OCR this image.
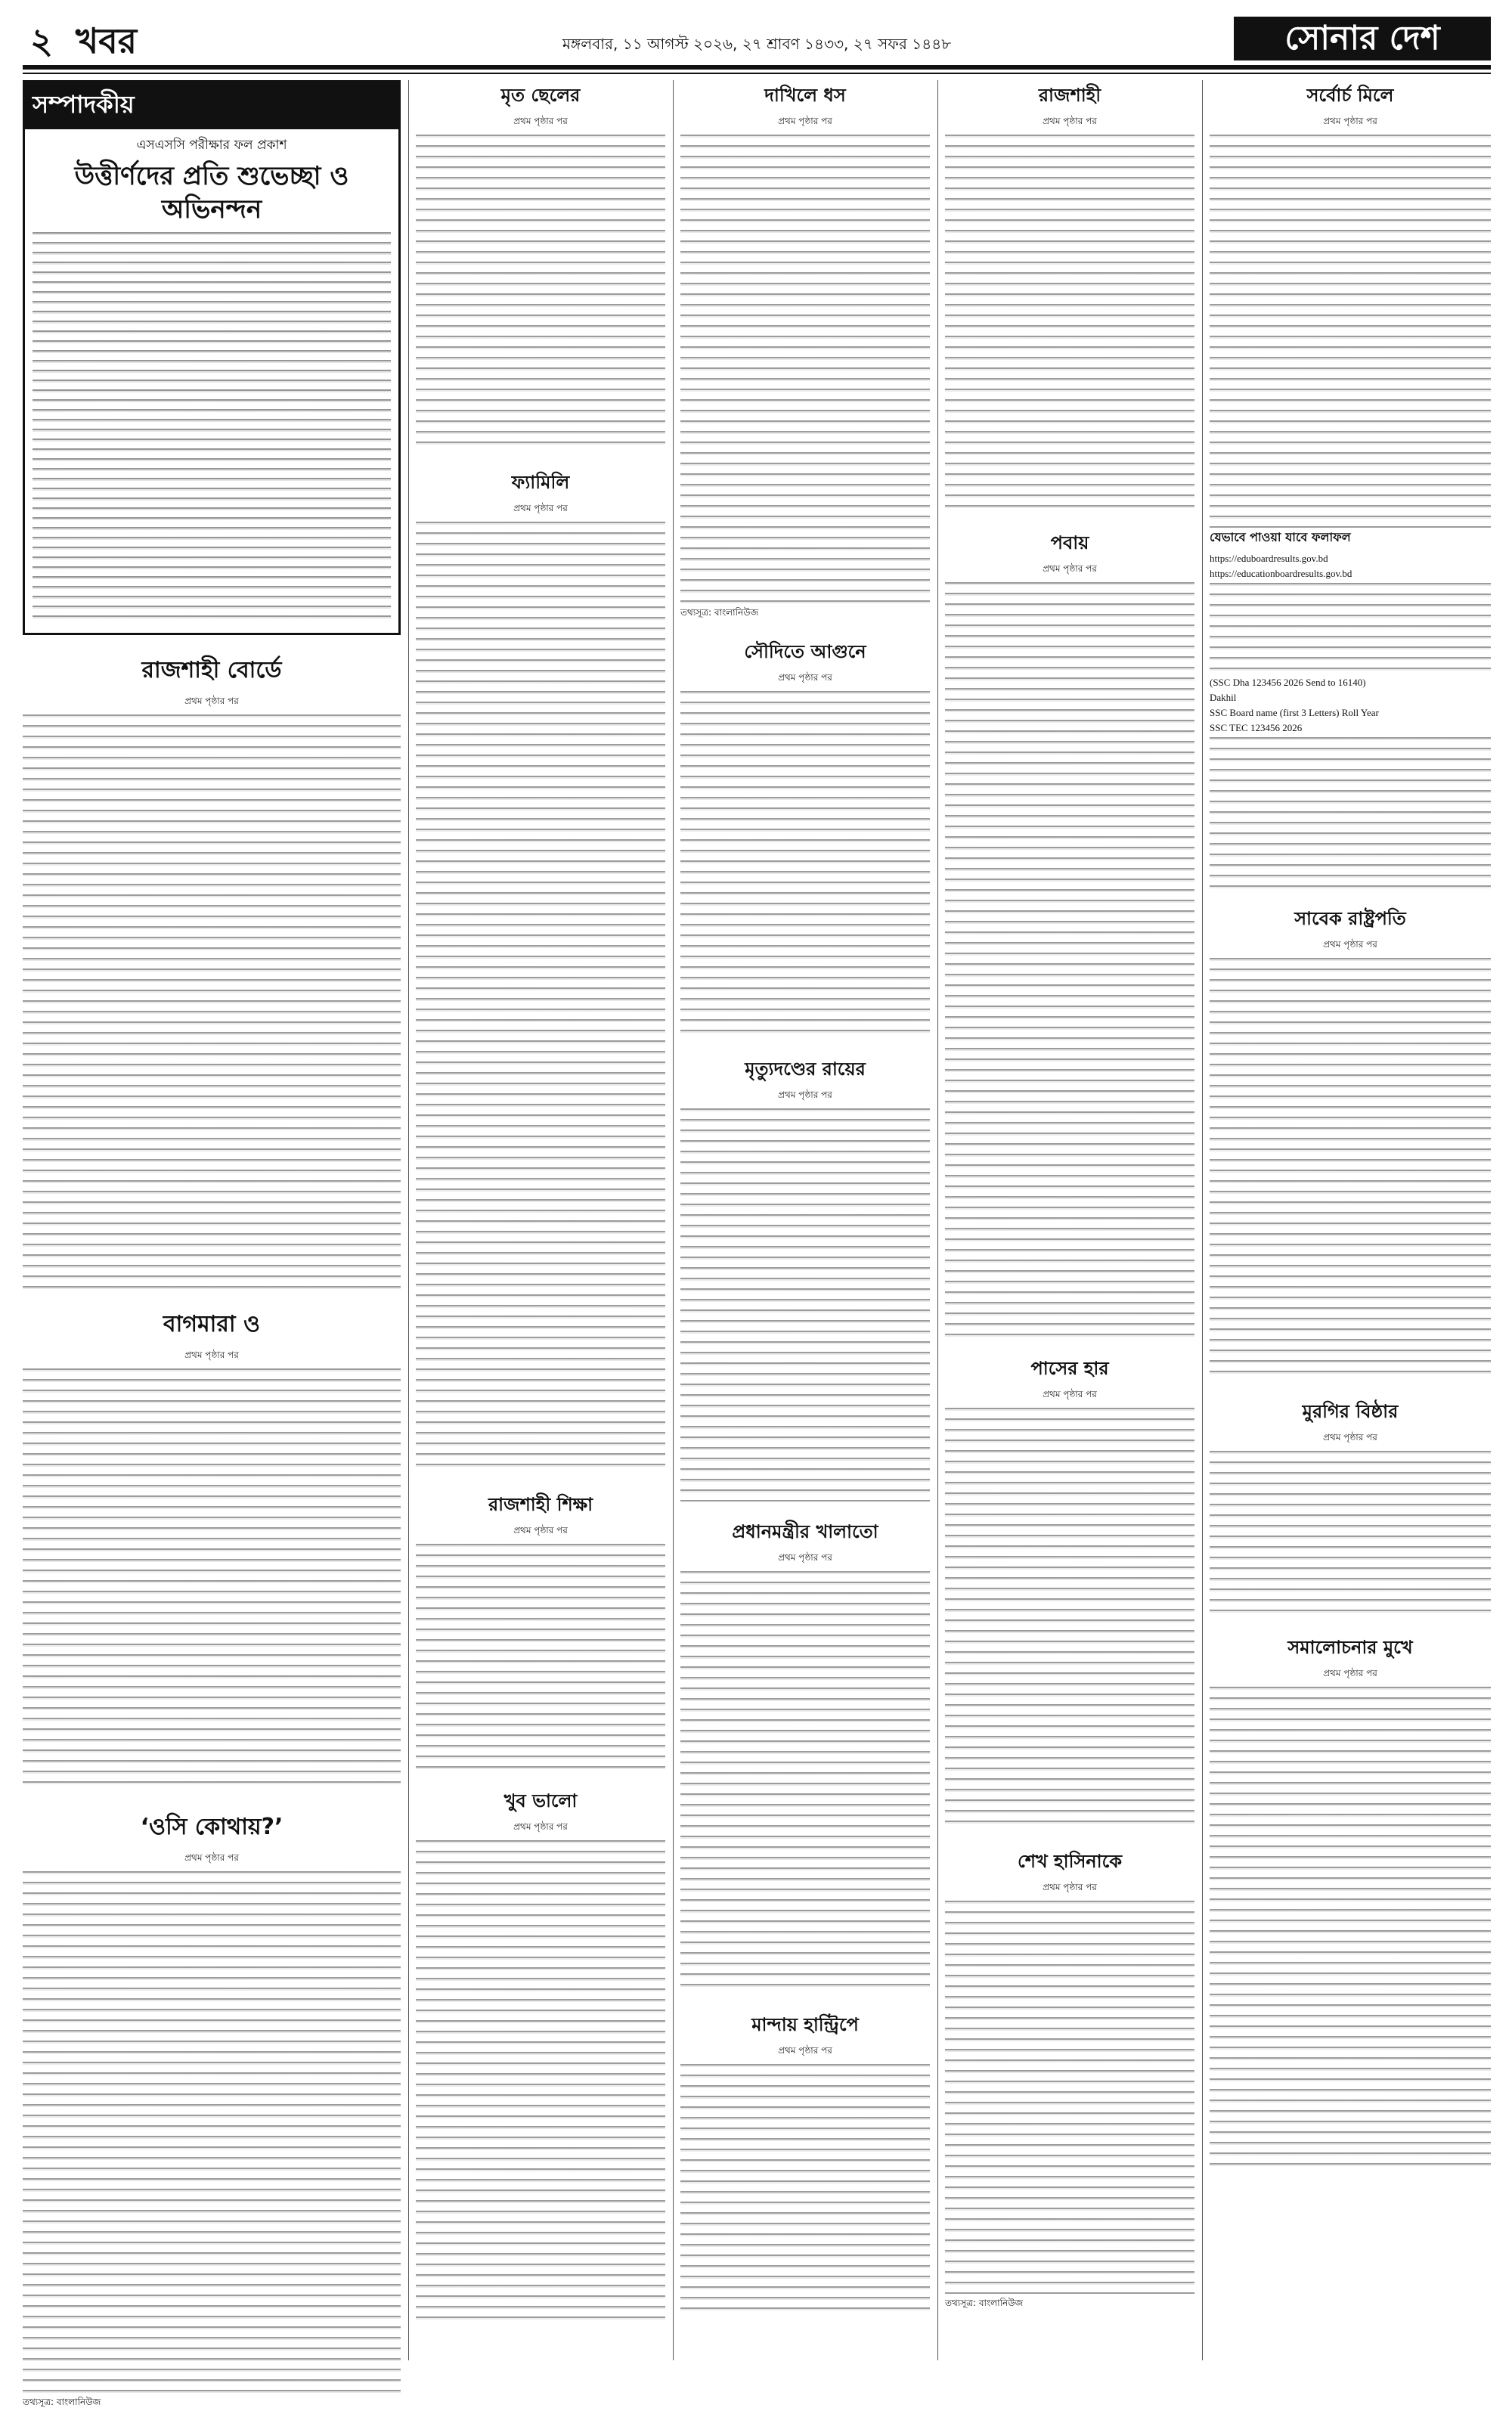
২ খবর	মঙ্গলবার, ১১ আগস্ট ২০২৬, ২৭ শ্রাবণ ১৪৩৩, ২৭ সফর ১৪৪৮	সোনার দেশ
সম্পাদকীয়
এসএসসি পরীক্ষার ফল প্রকাশ
উত্তীর্ণদের প্রতি শুভেচ্ছা ও অভিনন্দন
রাজশাহী বোর্ডে
প্রথম পৃষ্ঠার পর
বাগমারা ও
প্রথম পৃষ্ঠার পর
‘ওসি কোথায়?’
প্রথম পৃষ্ঠার পর
তথ্যসূত্র: বাংলানিউজ
মৃত ছেলের
প্রথম পৃষ্ঠার পর
ফ্যামিলি
প্রথম পৃষ্ঠার পর
রাজশাহী শিক্ষা
প্রথম পৃষ্ঠার পর
খুব ভালো
প্রথম পৃষ্ঠার পর
দাখিলে ধস
প্রথম পৃষ্ঠার পর
তথ্যসূত্র: বাংলানিউজ
সৌদিতে আগুনে
প্রথম পৃষ্ঠার পর
মৃত্যুদণ্ডের রায়ের
প্রথম পৃষ্ঠার পর
প্রধানমন্ত্রীর খালাতো
প্রথম পৃষ্ঠার পর
মান্দায় হান্ট্রিপে
প্রথম পৃষ্ঠার পর
রাজশাহী
প্রথম পৃষ্ঠার পর
পবায়
প্রথম পৃষ্ঠার পর
পাসের হার
প্রথম পৃষ্ঠার পর
শেখ হাসিনাকে
প্রথম পৃষ্ঠার পর
তথ্যসূত্র: বাংলানিউজ
সর্বোর্চ মিলে
প্রথম পৃষ্ঠার পর
যেভাবে পাওয়া যাবে ফলাফল
https://eduboardresults.gov.bd
https://educationboardresults.gov.bd
(SSC Dha 123456 2026 Send to 16140)
Dakhil
SSC Board name (first 3 Letters) Roll Year
SSC TEC 123456 2026
সাবেক রাষ্ট্রপতি
প্রথম পৃষ্ঠার পর
মুরগির বিষ্ঠার
প্রথম পৃষ্ঠার পর
সমালোচনার মুখে
প্রথম পৃষ্ঠার পর
